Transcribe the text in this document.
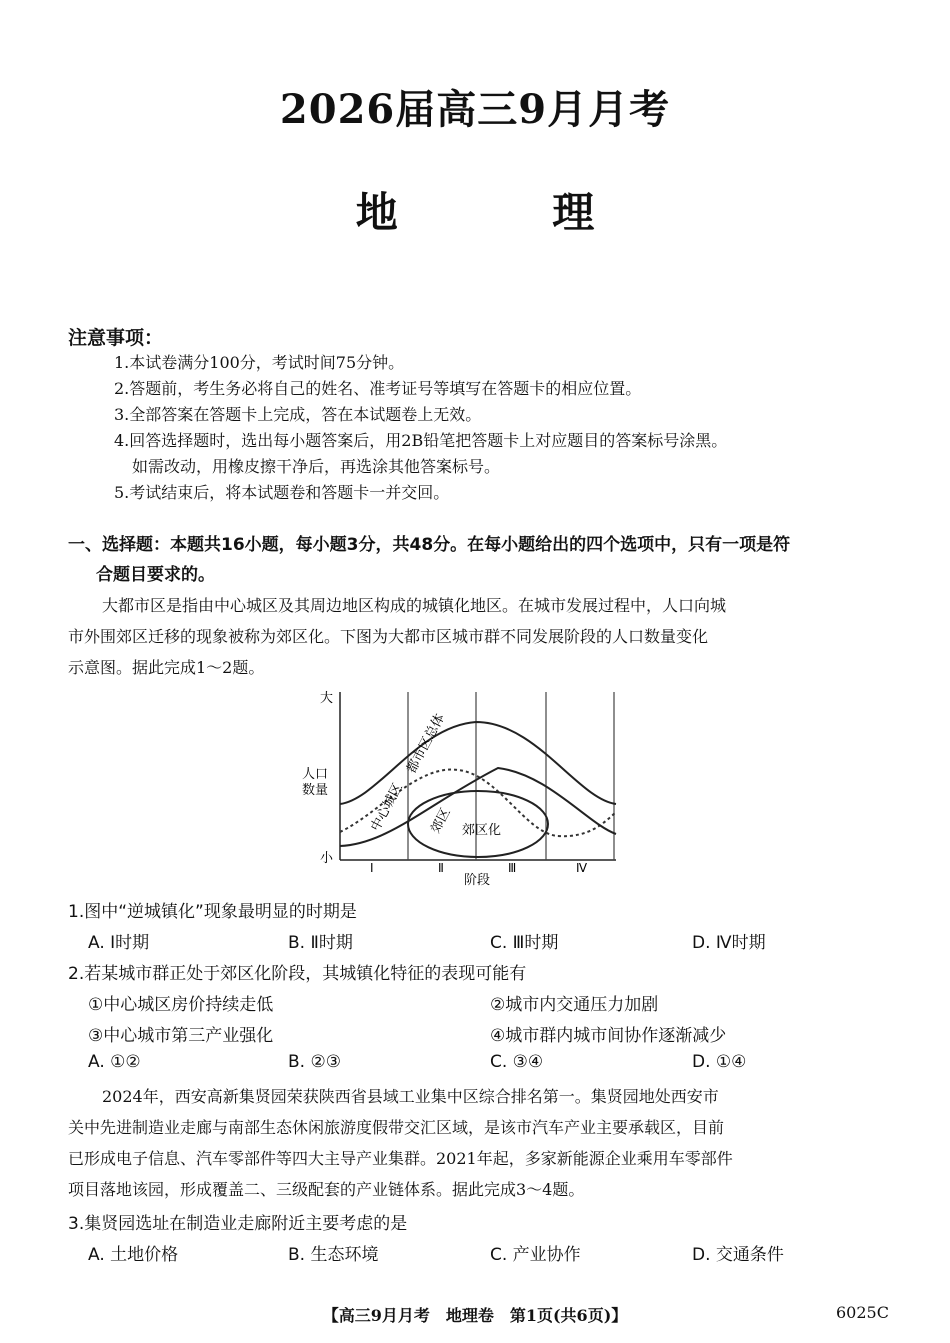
2026届高三9月月考
地 理
注意事项：
1.本试卷满分100分，考试时间75分钟。
2.答题前，考生务必将自己的姓名、准考证号等填写在答题卡的相应位置。
3.全部答案在答题卡上完成，答在本试题卷上无效。
4.回答选择题时，选出每小题答案后，用2B铅笔把答题卡上对应题目的答案标号涂黑。
如需改动，用橡皮擦干净后，再选涂其他答案标号。
5.考试结束后，将本试题卷和答题卡一并交回。
一、选择题：本题共16小题，每小题3分，共48分。在每小题给出的四个选项中，只有一项是符
合题目要求的。
大都市区是指由中心城区及其周边地区构成的城镇化地区。在城市发展过程中，人口向城
市外围郊区迁移的现象被称为郊区化。下图为大都市区城市群不同发展阶段的人口数量变化
示意图。据此完成1～2题。
大
小
人口
数量
Ⅰ	Ⅱ	Ⅲ	Ⅳ
阶段
都市区总体
中心城区 郊区 郊区化
1.图中“逆城镇化”现象最明显的时期是
A. Ⅰ时期	B. Ⅱ时期	C. Ⅲ时期	D. Ⅳ时期
2.若某城市群正处于郊区化阶段，其城镇化特征的表现可能有
①中心城区房价持续走低	②城市内交通压力加剧
③中心城市第三产业强化	④城市群内城市间协作逐渐减少
A. ①②	B. ②③	C. ③④	D. ①④
2024年，西安高新集贤园荣获陕西省县域工业集中区综合排名第一。集贤园地处西安市
关中先进制造业走廊与南部生态休闲旅游度假带交汇区域，是该市汽车产业主要承载区，目前
已形成电子信息、汽车零部件等四大主导产业集群。2021年起，多家新能源企业乘用车零部件
项目落地该园，形成覆盖二、三级配套的产业链体系。据此完成3～4题。
3.集贤园选址在制造业走廊附近主要考虑的是
A. 土地价格	B. 生态环境	C. 产业协作	D. 交通条件
【高三9月月考　地理卷　第1页(共6页)】	6025C
